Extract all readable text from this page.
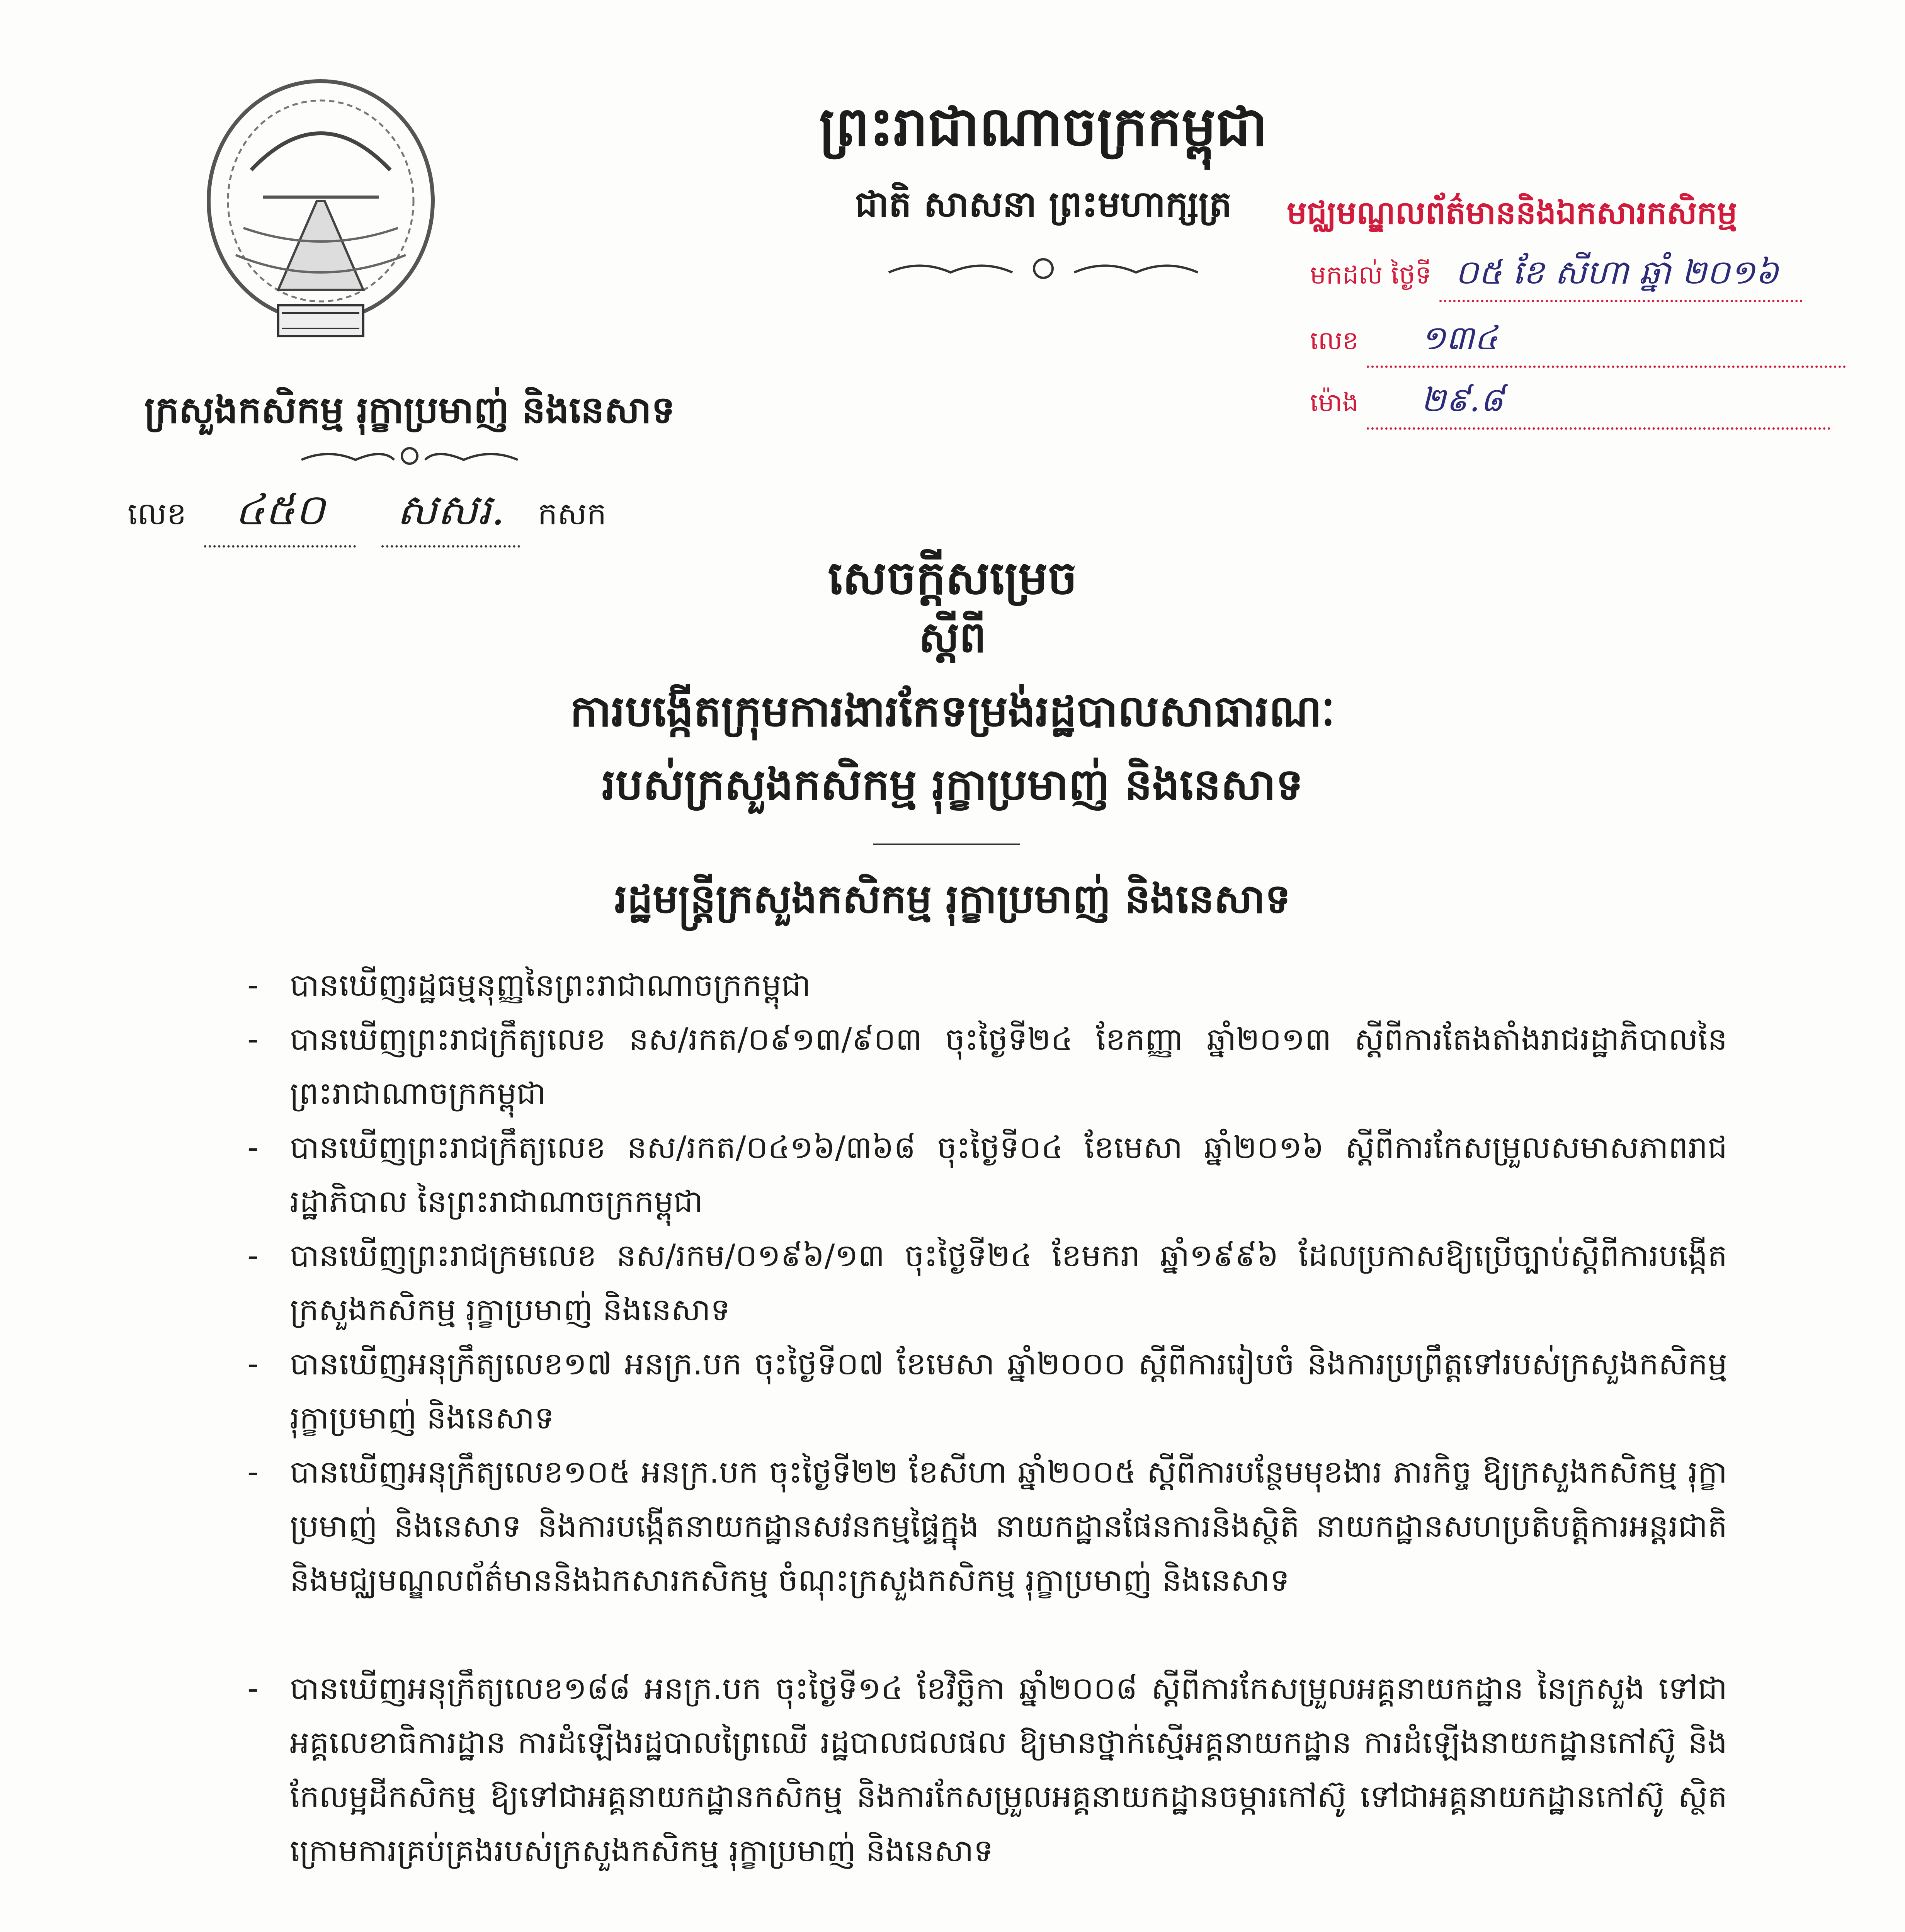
ព្រះរាជាណាចក្រកម្ពុជា
ជាតិ សាសនា ព្រះមហាក្សត្រ
ក្រសួងកសិកម្ម រុក្ខាប្រមាញ់ និងនេសាទ
លេខ ៤៥០ សសរ. កសក
មជ្ឈមណ្ឌលព័ត៌មាននិងឯកសារកសិកម្ម
មកដល់ ថ្ងៃទី ០៥ ខែ សីហា ឆ្នាំ ២០១៦
លេខ ១៣៤
ម៉ោង ២៩.៨
សេចក្ដីសម្រេច
ស្ដីពី
ការបង្កើតក្រុមការងារកែទម្រង់រដ្ឋបាលសាធារណៈ
របស់ក្រសួងកសិកម្ម រុក្ខាប្រមាញ់ និងនេសាទ
រដ្ឋមន្ត្រីក្រសួងកសិកម្ម រុក្ខាប្រមាញ់ និងនេសាទ
- បានឃើញរដ្ឋធម្មនុញ្ញនៃព្រះរាជាណាចក្រកម្ពុជា
- បានឃើញព្រះរាជក្រឹត្យលេខ នស/រកត/០៩១៣/៩០៣ ចុះថ្ងៃទី២៤ ខែកញ្ញា ឆ្នាំ២០១៣ ស្ដីពីការតែងតាំងរាជរដ្ឋាភិបាលនៃព្រះរាជាណាចក្រកម្ពុជា
- បានឃើញព្រះរាជក្រឹត្យលេខ នស/រកត/០៤១៦/៣៦៨ ចុះថ្ងៃទី០៤ ខែមេសា ឆ្នាំ២០១៦ ស្ដីពីការកែសម្រួលសមាសភាពរាជរដ្ឋាភិបាល នៃព្រះរាជាណាចក្រកម្ពុជា
- បានឃើញព្រះរាជក្រមលេខ នស/រកម/០១៩៦/១៣ ចុះថ្ងៃទី២៤ ខែមករា ឆ្នាំ១៩៩៦ ដែលប្រកាសឱ្យប្រើច្បាប់ស្ដីពីការបង្កើតក្រសួងកសិកម្ម រុក្ខាប្រមាញ់ និងនេសាទ
- បានឃើញអនុក្រឹត្យលេខ១៧ អនក្រ.បក ចុះថ្ងៃទី០៧ ខែមេសា ឆ្នាំ២០០០ ស្ដីពីការរៀបចំ និងការប្រព្រឹត្តទៅរបស់ក្រសួងកសិកម្ម រុក្ខាប្រមាញ់ និងនេសាទ
- បានឃើញអនុក្រឹត្យលេខ១០៥ អនក្រ.បក ចុះថ្ងៃទី២២ ខែសីហា ឆ្នាំ២០០៥ ស្ដីពីការបន្ថែមមុខងារ ភារកិច្ច ឱ្យក្រសួងកសិកម្ម រុក្ខាប្រមាញ់ និងនេសាទ និងការបង្កើតនាយកដ្ឋានសវនកម្មផ្ទៃក្នុង នាយកដ្ឋានផែនការនិងស្ថិតិ នាយកដ្ឋានសហប្រតិបត្តិការអន្តរជាតិ និងមជ្ឈមណ្ឌលព័ត៌មាននិងឯកសារកសិកម្ម ចំណុះក្រសួងកសិកម្ម រុក្ខាប្រមាញ់ និងនេសាទ
- បានឃើញអនុក្រឹត្យលេខ១៨៨ អនក្រ.បក ចុះថ្ងៃទី១៤ ខែវិច្ឆិកា ឆ្នាំ២០០៨ ស្ដីពីការកែសម្រួលអគ្គនាយកដ្ឋាន នៃក្រសួង ទៅជាអគ្គលេខាធិការដ្ឋាន ការដំឡើងរដ្ឋបាលព្រៃឈើ រដ្ឋបាលជលផល ឱ្យមានថ្នាក់ស្មើអគ្គនាយកដ្ឋាន ការដំឡើងនាយកដ្ឋានកៅស៊ូ និងកែលម្អដីកសិកម្ម ឱ្យទៅជាអគ្គនាយកដ្ឋានកសិកម្ម និងការកែសម្រួលអគ្គនាយកដ្ឋានចម្ការកៅស៊ូ ទៅជាអគ្គនាយកដ្ឋានកៅស៊ូ ស្ថិតក្រោមការគ្រប់គ្រងរបស់ក្រសួងកសិកម្ម រុក្ខាប្រមាញ់ និងនេសាទ
